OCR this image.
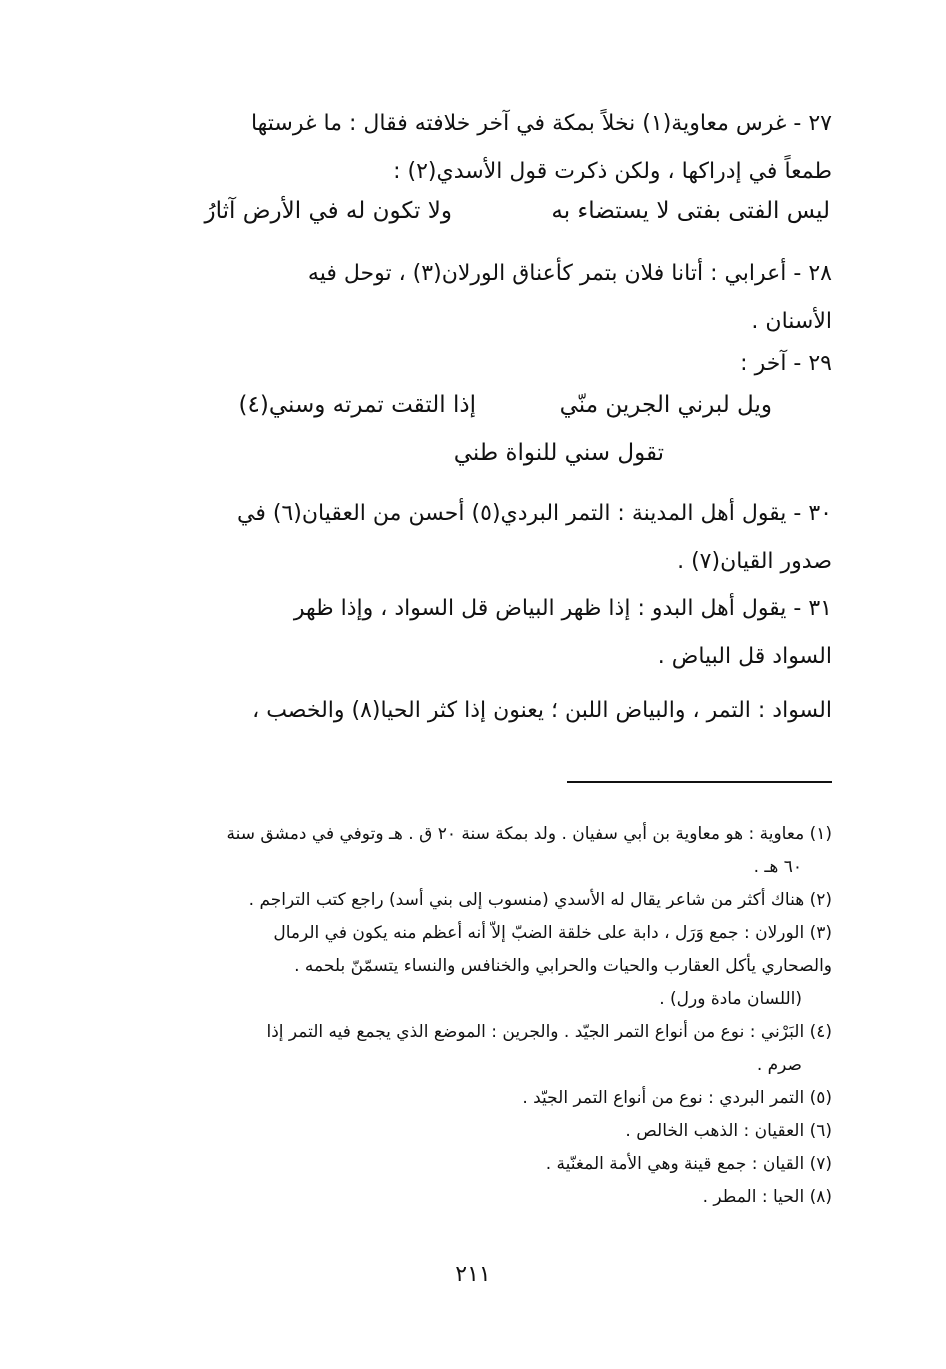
٢٧ - غرس معاوية(١) نخلاً بمكة في آخر خلافته فقال : ما غرستها

طمعاً في إدراكها ، ولكن ذكرت قول الأسدي(٢) :

ليس الفتى بفتى لا يستضاء به
ولا تكون له في الأرض آثارُ

٢٨ - أعرابي : أتانا فلان بتمر كأعناق الورلان(٣) ، توحل فيه

الأسنان .

٢٩ - آخر :

ويل لبرني الجرين منّي
إذا التقت تمرته وسني(٤)
تقول سني للنواة طني

٣٠ - يقول أهل المدينة : التمر البردي(٥) أحسن من العقيان(٦) في

صدور القيان(٧) .

٣١ - يقول أهل البدو : إذا ظهر البياض قل السواد ، وإذا ظهر

السواد قل البياض .

السواد : التمر ، والبياض اللبن ؛ يعنون إذا كثر الحيا(٨) والخصب ،

(١) معاوية : هو معاوية بن أبي سفيان . ولد بمكة سنة ٢٠ ق . هـ وتوفي في دمشق سنة

٦٠ هـ .

(٢) هناك أكثر من شاعر يقال له الأسدي (منسوب إلى بني أسد) راجع كتب التراجم .

(٣) الورلان : جمع وَرَل ، دابة على خلقة الضبّ إلاّ أنه أعظم منه يكون في الرمال

والصحاري يأكل العقارب والحيات والحرابي والخنافس والنساء يتسمّنّ بلحمه .

(اللسان مادة ورل) .

(٤) البَرْني : نوع من أنواع التمر الجيّد . والجرين : الموضع الذي يجمع فيه التمر إذا

صرم .

(٥) التمر البردي : نوع من أنواع التمر الجيّد .

(٦) العقيان : الذهب الخالص .

(٧) القيان : جمع قينة وهي الأمة المغنّية .

(٨) الحيا : المطر .

٢١١
